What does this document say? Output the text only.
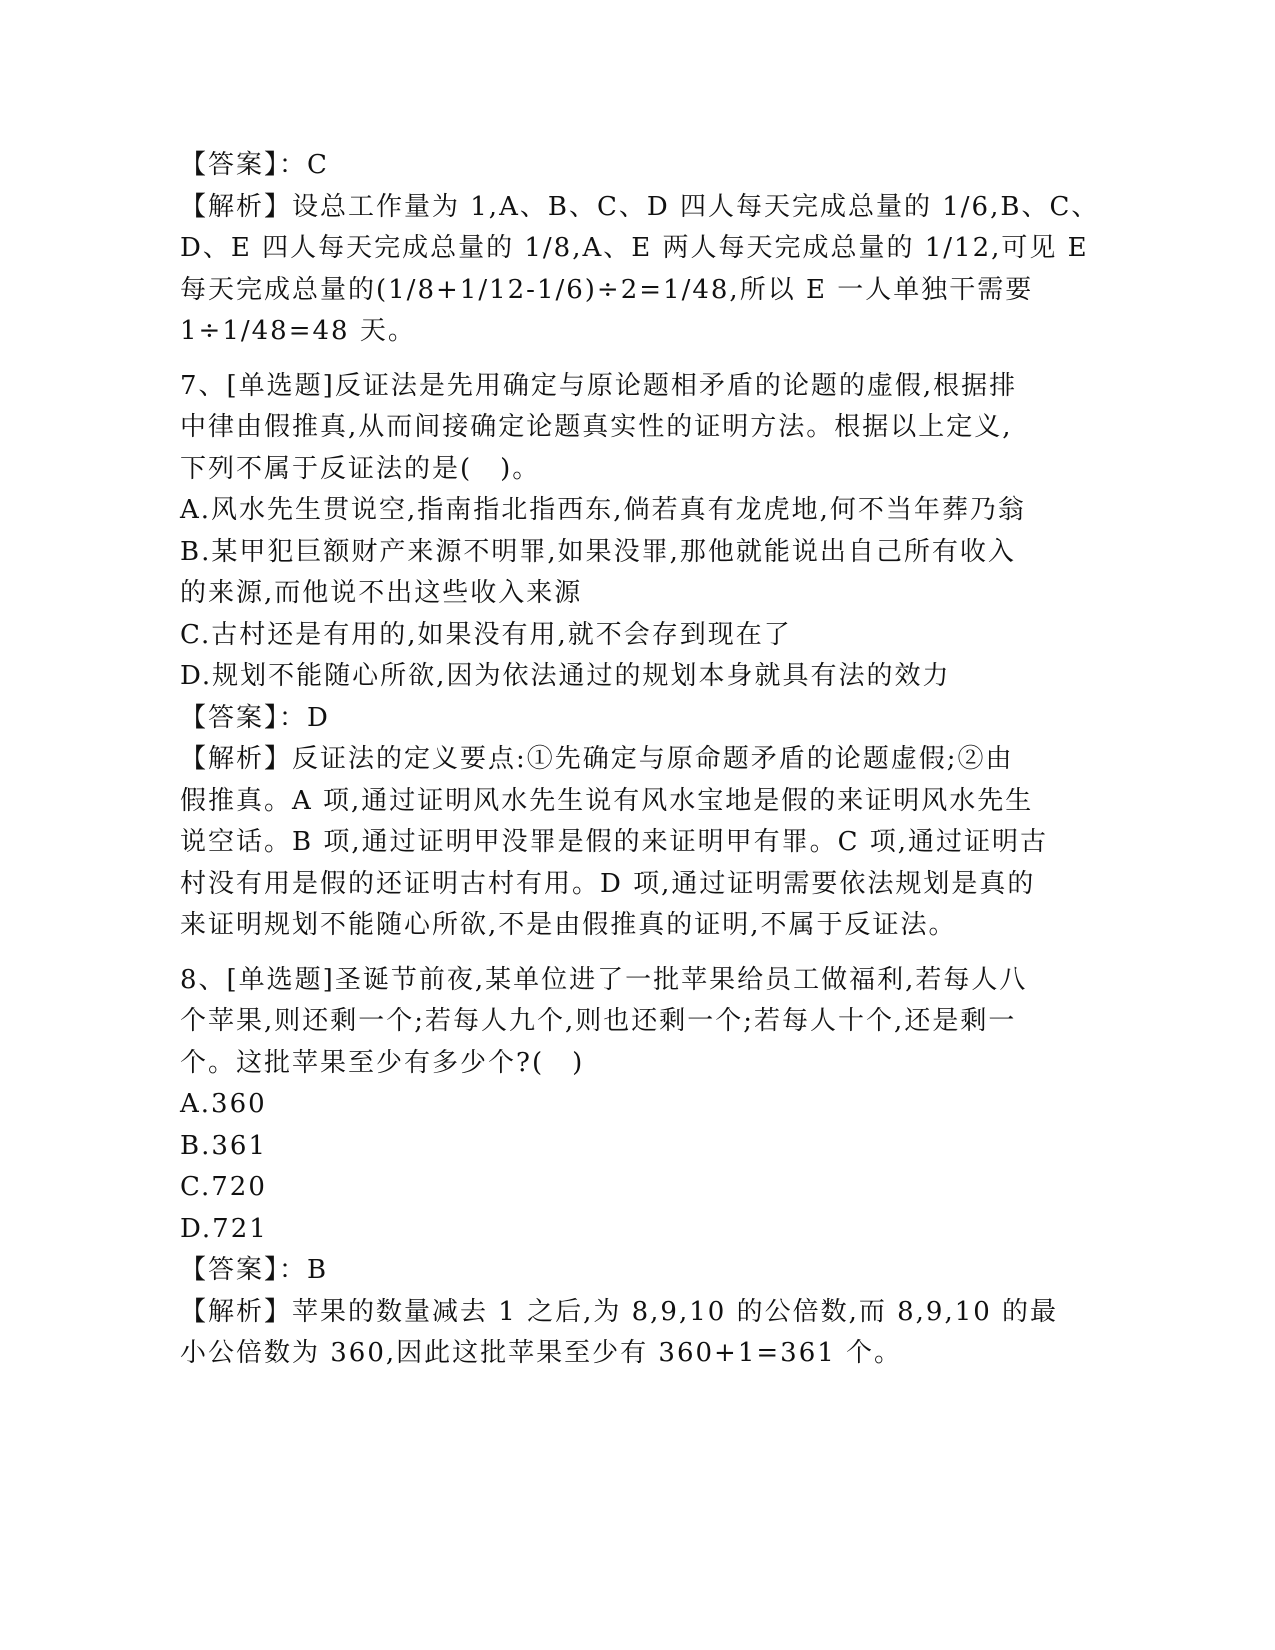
【答案】：C
【解析】设总工作量为 1,A、B、C、D 四人每天完成总量的 1/6,B、C、
D、E 四人每天完成总量的 1/8,A、E 两人每天完成总量的 1/12,可见 E
每天完成总量的(1/8+1/12-1/6)÷2=1/48,所以 E 一人单独干需要
1÷1/48=48 天。
7、[单选题]反证法是先用确定与原论题相矛盾的论题的虚假,根据排
中律由假推真,从而间接确定论题真实性的证明方法。根据以上定义,
下列不属于反证法的是(　)。
A.风水先生贯说空,指南指北指西东,倘若真有龙虎地,何不当年葬乃翁
B.某甲犯巨额财产来源不明罪,如果没罪,那他就能说出自己所有收入
的来源,而他说不出这些收入来源
C.古村还是有用的,如果没有用,就不会存到现在了
D.规划不能随心所欲,因为依法通过的规划本身就具有法的效力
【答案】：D
【解析】反证法的定义要点:①先确定与原命题矛盾的论题虚假;②由
假推真。A 项,通过证明风水先生说有风水宝地是假的来证明风水先生
说空话。B 项,通过证明甲没罪是假的来证明甲有罪。C 项,通过证明古
村没有用是假的还证明古村有用。D 项,通过证明需要依法规划是真的
来证明规划不能随心所欲,不是由假推真的证明,不属于反证法。
8、[单选题]圣诞节前夜,某单位进了一批苹果给员工做福利,若每人八
个苹果,则还剩一个;若每人九个,则也还剩一个;若每人十个,还是剩一
个。这批苹果至少有多少个?(　)
A.360
B.361
C.720
D.721
【答案】：B
【解析】苹果的数量减去 1 之后,为 8,9,10 的公倍数,而 8,9,10 的最
小公倍数为 360,因此这批苹果至少有 360+1=361 个。
